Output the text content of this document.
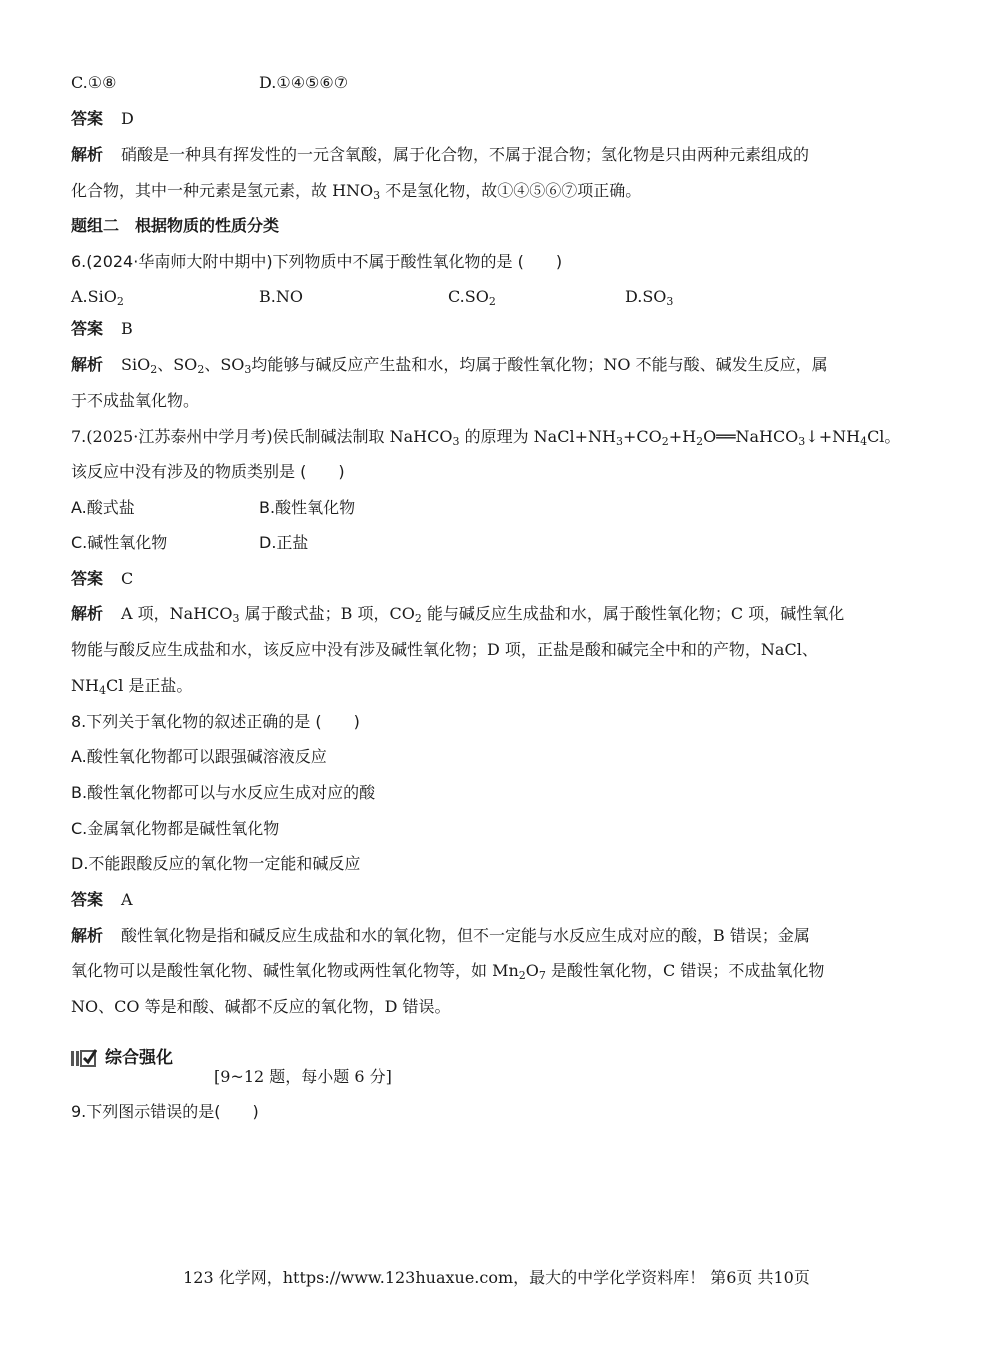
C.①⑧	D.①④⑤⑥⑦
答案 D
解析 硝酸是一种具有挥发性的一元含氧酸，属于化合物，不属于混合物；氢化物是只由两种元素组成的
化合物，其中一种元素是氢元素，故 $HNO_3$ 不是氢化物，故①④⑤⑥⑦项正确。
题组二　根据物质的性质分类
6.(2024·华南师大附中期中)下列物质中不属于酸性氧化物的是 (　　)
A.SiO$_2$	B.NO	$C.SO_2$	$D.SO_3$
答案 B
解析 SiO$_2$、$SO_2$、$SO_3$均能够与碱反应产生盐和水，均属于酸性氧化物；NO 不能与酸、碱发生反应，属
于不成盐氧化物。
7.(2025·江苏泰州中学月考)侯氏制碱法制取 NaHCO$_3$ 的原理为 $NaCl+NH_3+CO_2+H_2O══NaHCO_3↓+NH_4Cl$。
该反应中没有涉及的物质类别是 (　　)
A.酸式盐	B.酸性氧化物
C.碱性氧化物	D.正盐
答案 C
解析 A 项，NaHCO$_3$ 属于酸式盐；B 项，$CO_2$ 能与碱反应生成盐和水，属于酸性氧化物；C 项，碱性氧化
物能与酸反应生成盐和水，该反应中没有涉及碱性氧化物；D 项，正盐是酸和碱完全中和的产物，NaCl、
$NH_4Cl$ 是正盐。
8.下列关于氧化物的叙述正确的是 (　　)
A.酸性氧化物都可以跟强碱溶液反应
B.酸性氧化物都可以与水反应生成对应的酸
C.金属氧化物都是碱性氧化物
D.不能跟酸反应的氧化物一定能和碱反应
答案 A
解析 酸性氧化物是指和碱反应生成盐和水的氧化物，但不一定能与水反应生成对应的酸，B 错误；金属
氧化物可以是酸性氧化物、碱性氧化物或两性氧化物等，如 $Mn_2O_7$ 是酸性氧化物，C 错误；不成盐氧化物
NO、CO 等是和酸、碱都不反应的氧化物，D 错误。
综合强化
[9~12 题，每小题 6 分]
9.下列图示错误的是(　　)
123 化学网，https://www.123huaxue.com，最大的中学化学资料库！ 第6页 共10页
